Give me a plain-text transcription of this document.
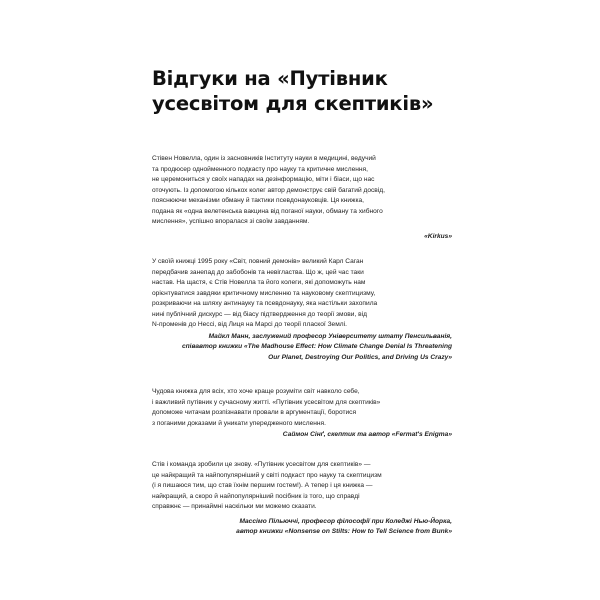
Відгуки на «Путівник
усесвітом для скептиків»
Стівен Новелла, один із засновників Інституту науки в медицині, ведучий
та продюсер однойменного подкасту про науку та критичне мислення,
не церемониться у своїх нападах на дезінформацію, міти і біаси, що нас
оточують. Із допомогою кількох колег автор демонструє свій багатий досвід,
пояснюючи механізми обману й тактики псевдонауковців. Ця книжка,
подана як «одна велетенська вакцина від поганої науки, обману та хибного
мислення», успішно впоралася зі своїм завданням.
«Kirkus»
У своїй книжці 1995 року «Світ, повний демонів» великий Карл Саган
передбачив занепад до забобонів та невігластва. Що ж, цей час таки
настав. На щастя, є Стів Новелла та його колеги, які допоможуть нам
орієнтуватися завдяки критичному мисленню та науковому скептицизму,
розкриваючи на шляху антинауку та псевдонауку, яка настільки захопила
нині публічний дискурс — від біасу підтвердження до теорії змови, від
N-променів до Нессі, від Лиця на Марсі до теорії пласкої Землі.
Майкл Манн, заслужений професор Університету штату Пенсильванія,
співавтор книжки «The Madhouse Effect: How Climate Change Denial Is Threatening
Our Planet, Destroying Our Politics, and Driving Us Crazy»
Чудова книжка для всіх, хто хоче краще розуміти світ навколо себе,
і важливий путівник у сучасному житті. «Путівник усесвітом для скептиків»
допоможе читачам розпізнавати провали в аргументації, боротися
з поганими доказами й уникати упередженого мислення.
Саймон Сінґ, скептик та автор «Fermat's Enigma»
Стів і команда зробили це знову. «Путівник усесвітом для скептиків» —
це найкращий та найпопулярніший у світі подкаст про науку та скептицизм
(і я пишаюся тим, що став їхнім першим гостем!). А тепер і ця книжка —
найкращий, а скоро й найпопулярніший посібник із того, що справді
справжнє — принаймні наскільки ми можемо сказати.
Массімо Пільюччі, професор філософії при Коледжі Нью-Йорка,
автор книжки «Nonsense on Stilts: How to Tell Science from Bunk»
